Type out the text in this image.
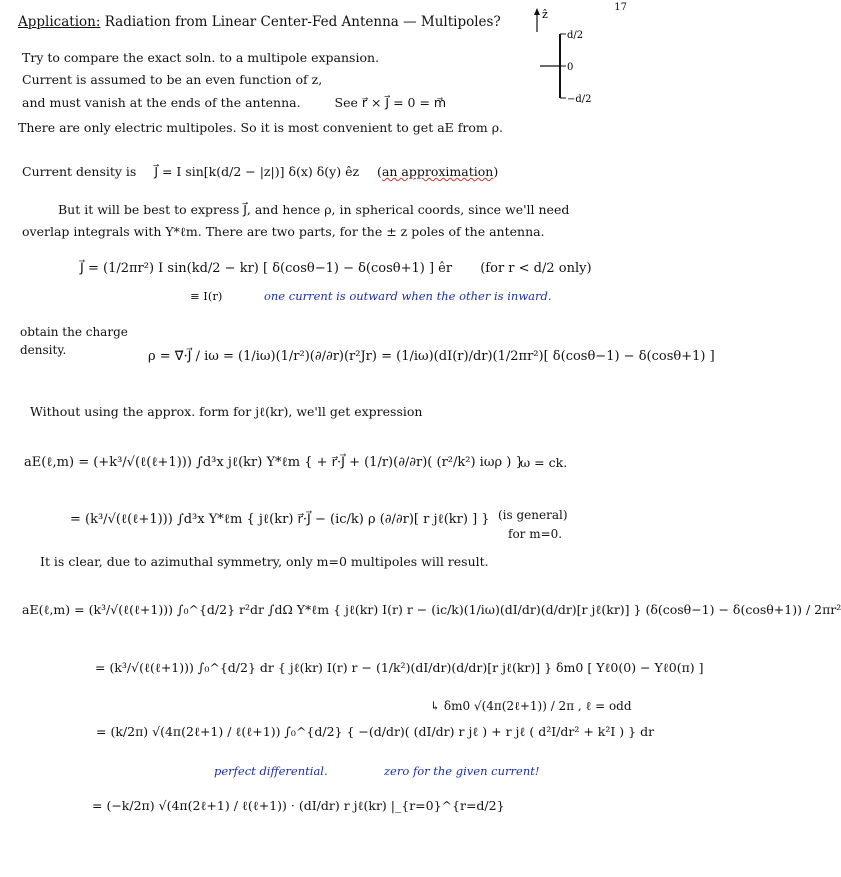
17
ẑ
d/2
0
−d/2
Application: Radiation from Linear Center-Fed Antenna — Multipoles?
Try to compare the exact soln. to a multipole expansion.
Current is assumed to be an even function of z,
and must vanish at the ends of the antenna.	See r⃗ × J⃗ = 0 = m⃗
There are only electric multipoles. So it is most convenient to get aE from ρ.
Current density is J⃗ = I sin[k(d/2 − |z|)] δ(x) δ(y) êz (an approximation)
But it will be best to express J⃗, and hence ρ, in spherical coords, since we'll need
overlap integrals with Y*ℓm. There are two parts, for the ± z poles of the antenna.
J⃗ = (1/2πr²) I sin(kd/2 − kr) [ δ(cosθ−1) − δ(cosθ+1) ] êr (for r < d/2 only)
≡ I(r)	one current is outward when the other is inward.
obtain the charge
density.	ρ = ∇⃗·J⃗ / iω = (1/iω)(1/r²)(∂/∂r)(r²Jr) = (1/iω)(dI(r)/dr)(1/2πr²)[ δ(cosθ−1) − δ(cosθ+1) ]
Without using the approx. form for jℓ(kr), we'll get expression
aE(ℓ,m) = (+k³/√(ℓ(ℓ+1))) ∫d³x jℓ(kr) Y*ℓm { + r⃗·J⃗ + (1/r)(∂/∂r)( (r²/k²) iωρ ) }
ω = ck.
= (k³/√(ℓ(ℓ+1))) ∫d³x Y*ℓm { jℓ(kr) r⃗·J⃗ − (ic/k) ρ (∂/∂r)[ r jℓ(kr) ] } (is general)
for m=0.
It is clear, due to azimuthal symmetry, only m=0 multipoles will result.
aE(ℓ,m) = (k³/√(ℓ(ℓ+1))) ∫₀^{d/2} r²dr ∫dΩ Y*ℓm { jℓ(kr) I(r) r − (ic/k)(1/iω)(dI/dr)(d/dr)[r jℓ(kr)] } (δ(cosθ−1) − δ(cosθ+1)) / 2πr²
= (k³/√(ℓ(ℓ+1))) ∫₀^{d/2} dr { jℓ(kr) I(r) r − (1/k²)(dI/dr)(d/dr)[r jℓ(kr)] } δm0 [ Yℓ0(0) − Yℓ0(π) ]
↳ δm0 √(4π(2ℓ+1)) / 2π , ℓ = odd
= (k/2π) √(4π(2ℓ+1) / ℓ(ℓ+1)) ∫₀^{d/2} { −(d/dr)( (dI/dr) r jℓ ) + r jℓ ( d²I/dr² + k²I ) } dr
perfect differential.	zero for the given current!
= (−k/2π) √(4π(2ℓ+1) / ℓ(ℓ+1)) · (dI/dr) r jℓ(kr) |_{r=0}^{r=d/2}
